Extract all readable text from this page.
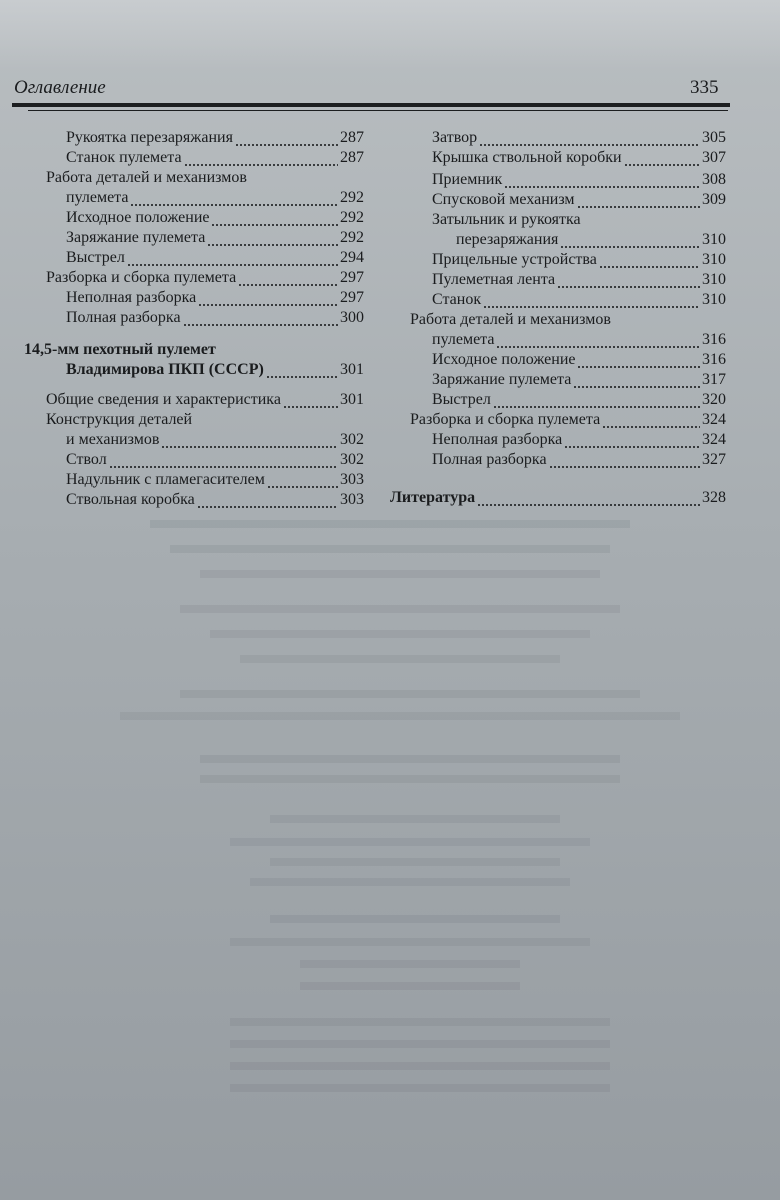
Оглавление	335
Рукоятка перезаряжания	287
Станок пулемета	287
Работа деталей и механизмов
пулемета	292
Исходное положение	292
Заряжание пулемета	292
Выстрел	294
Разборка и сборка пулемета	297
Неполная разборка	297
Полная разборка	300
14,5-мм пехотный пулемет
Владимирова ПКП (СССР)	301
Общие сведения и характеристика	301
Конструкция деталей
и механизмов	302
Ствол	302
Надульник с пламегасителем	303
Ствольная коробка	303
Затвор	305
Крышка ствольной коробки	307
Приемник	308
Спусковой механизм	309
Затыльник и рукоятка
перезаряжания	310
Прицельные устройства	310
Пулеметная лента	310
Станок	310
Работа деталей и механизмов
пулемета	316
Исходное положение	316
Заряжание пулемета	317
Выстрел	320
Разборка и сборка пулемета	324
Неполная разборка	324
Полная разборка	327
Литература	328
